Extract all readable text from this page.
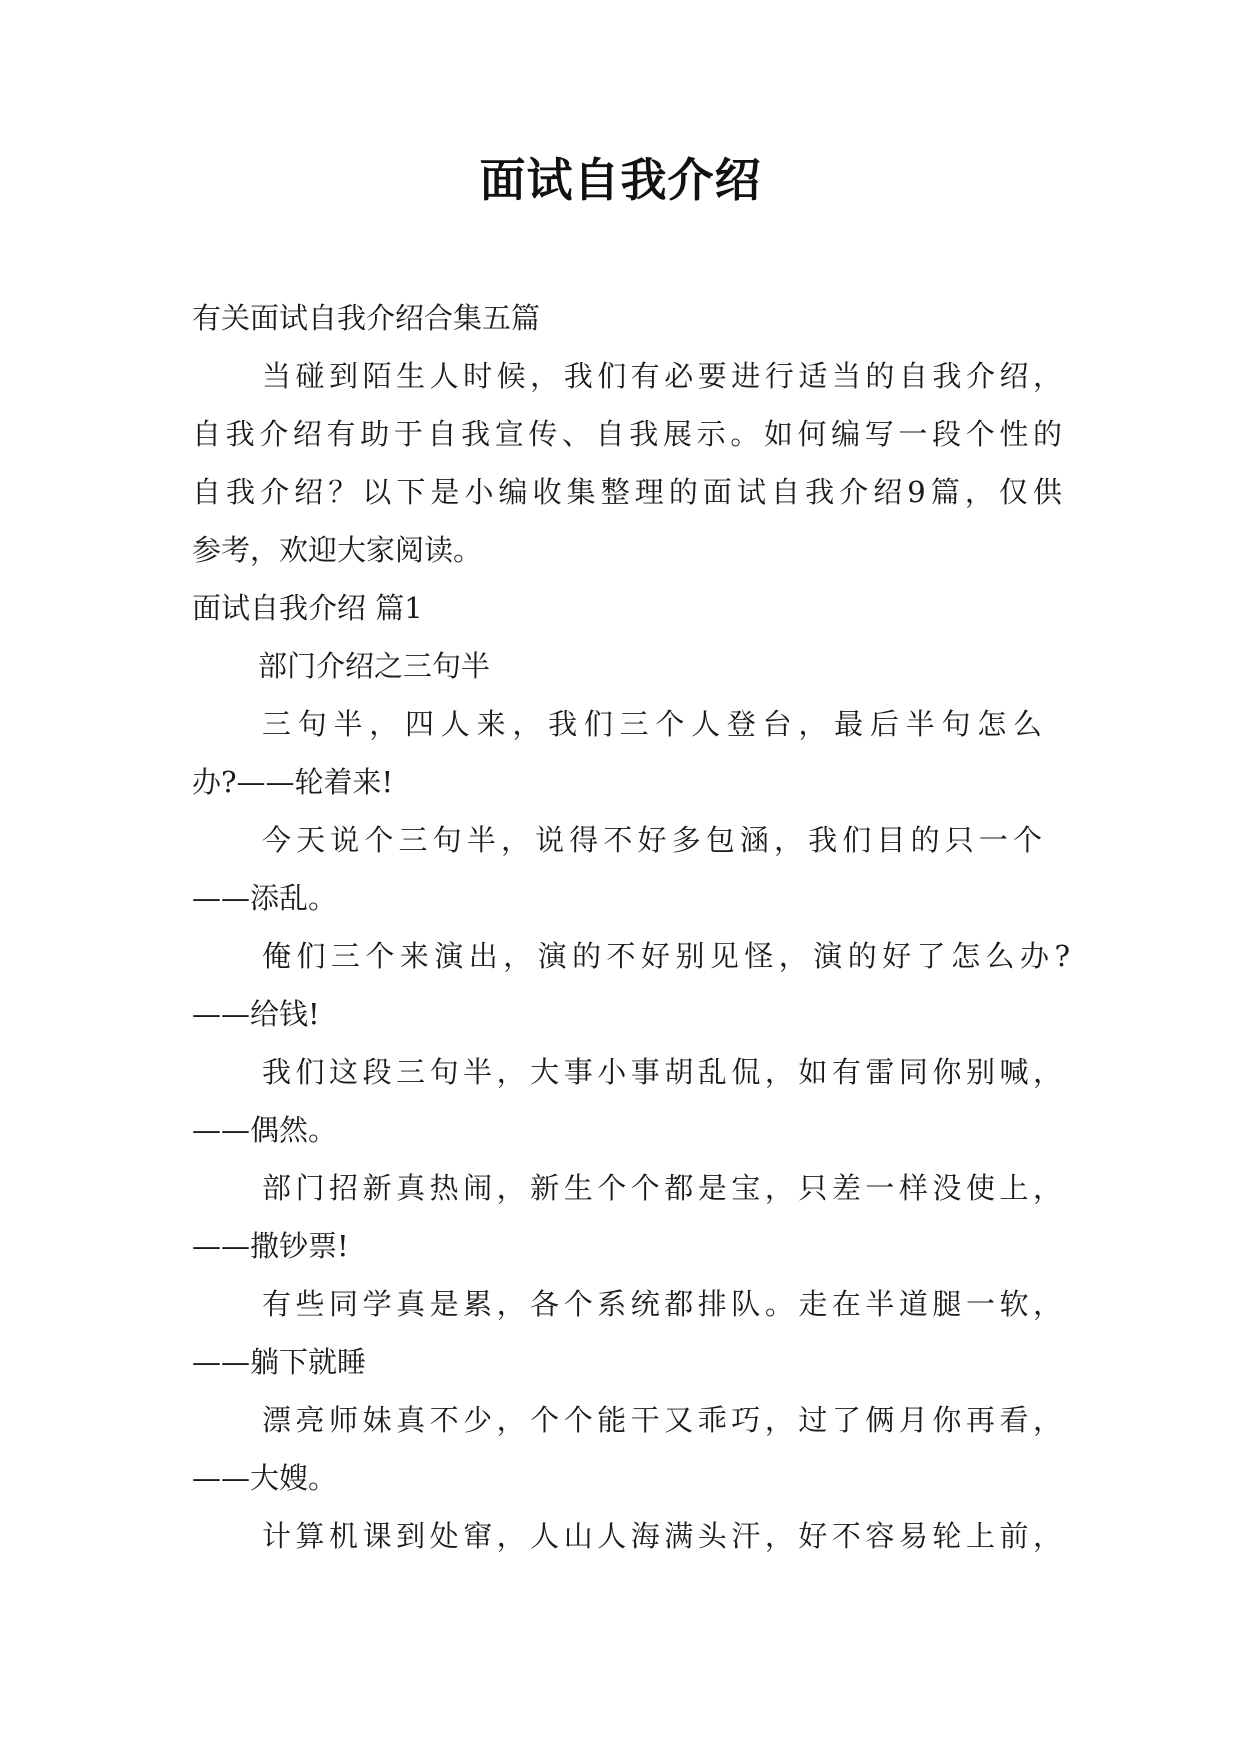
面试自我介绍
有关面试自我介绍合集五篇
当碰到陌生人时候，我们有必要进行适当的自我介绍，
自我介绍有助于自我宣传、自我展示。如何编写一段个性的
自我介绍？以下是小编收集整理的面试自我介绍9篇，仅供
参考，欢迎大家阅读。
面试自我介绍 篇1
部门介绍之三句半
三句半，四人来，我们三个人登台，最后半句怎么
办?——轮着来!
今天说个三句半，说得不好多包涵，我们目的只一个
——添乱。
俺们三个来演出，演的不好别见怪，演的好了怎么办?
——给钱!
我们这段三句半，大事小事胡乱侃，如有雷同你别喊，
——偶然。
部门招新真热闹，新生个个都是宝，只差一样没使上，
——撒钞票!
有些同学真是累，各个系统都排队。走在半道腿一软，
——躺下就睡
漂亮师妹真不少，个个能干又乖巧，过了俩月你再看，
——大嫂。
计算机课到处窜，人山人海满头汗，好不容易轮上前，
